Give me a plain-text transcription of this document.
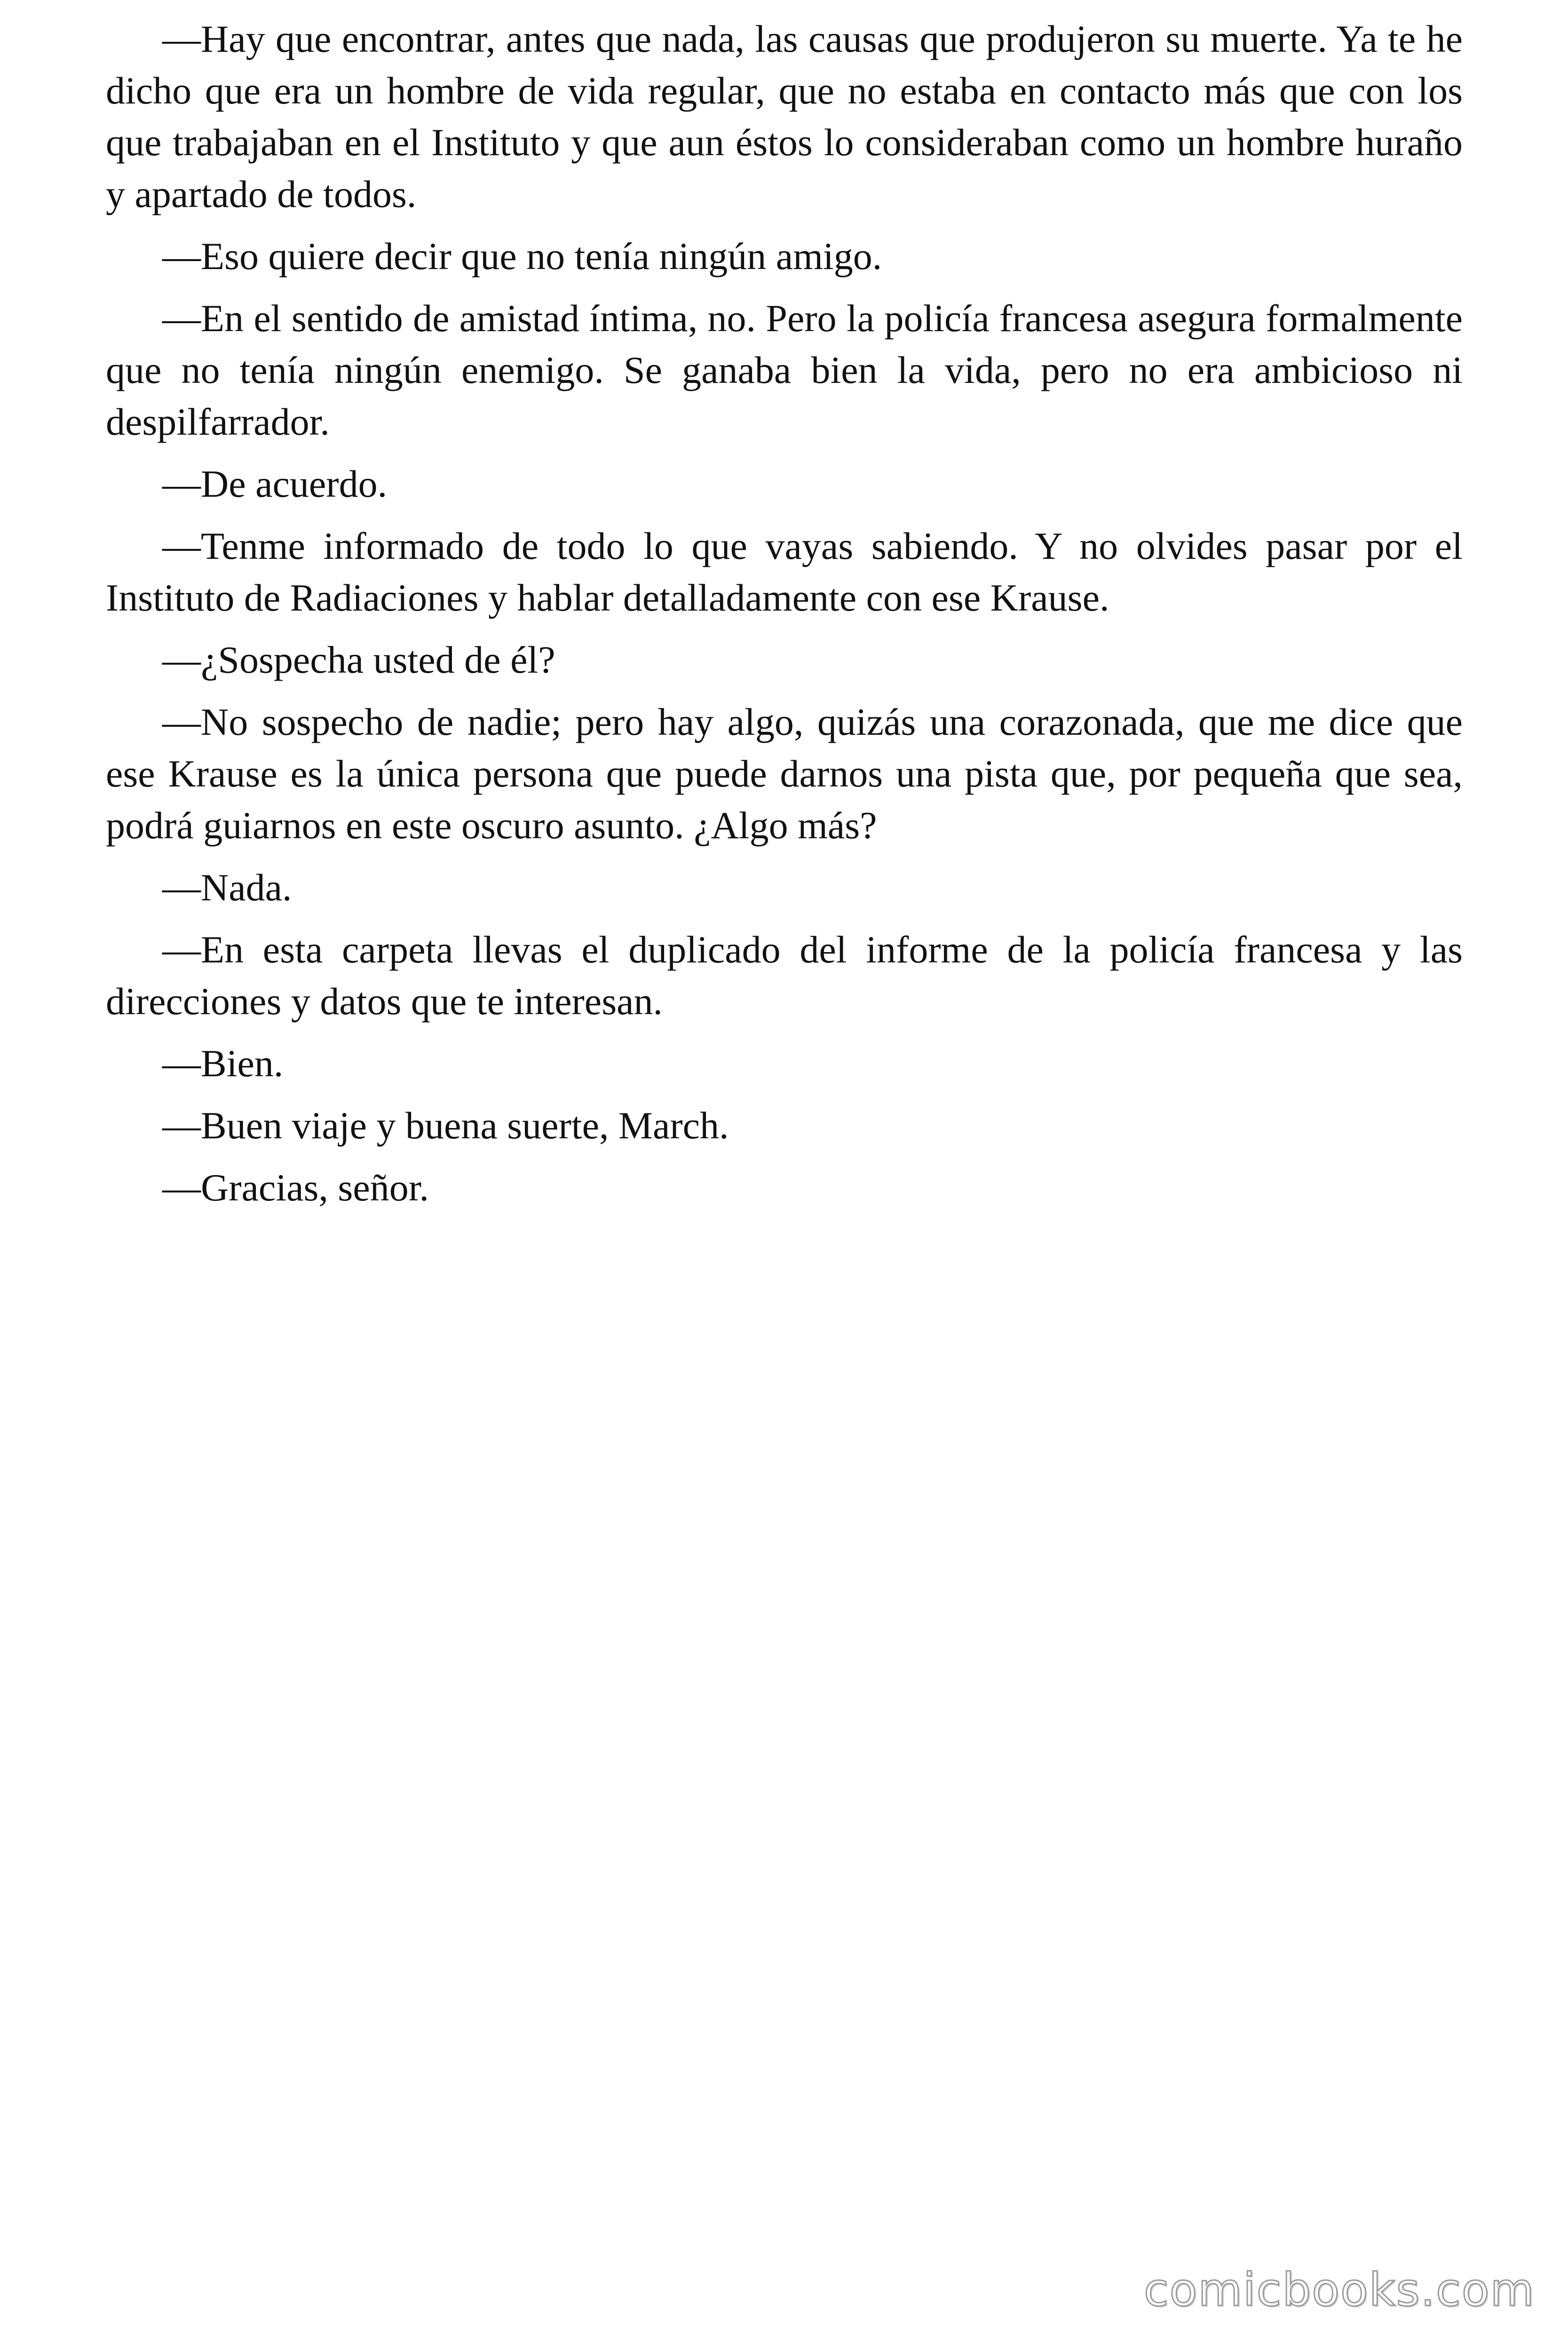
—Hay que encontrar, antes que nada, las causas que produjeron su muerte. Ya te he dicho que era un hombre de vida regular, que no estaba en contacto más que con los que trabajaban en el Instituto y que aun éstos lo consideraban como un hombre huraño y apartado de todos.

—Eso quiere decir que no tenía ningún amigo.

—En el sentido de amistad íntima, no. Pero la policía francesa asegura formalmente que no tenía ningún enemigo. Se ganaba bien la vida, pero no era ambicioso ni despilfarrador.

—De acuerdo.

—Tenme informado de todo lo que vayas sabiendo. Y no olvides pasar por el Instituto de Radiaciones y hablar detalladamente con ese Krause.

—¿Sospecha usted de él?

—No sospecho de nadie; pero hay algo, quizás una corazonada, que me dice que ese Krause es la única persona que puede darnos una pista que, por pequeña que sea, podrá guiarnos en este oscuro asunto. ¿Algo más?

—Nada.

—En esta carpeta llevas el duplicado del informe de la policía francesa y las direcciones y datos que te interesan.

—Bien.

—Buen viaje y buena suerte, March.

—Gracias, señor.

comicbooks.com
